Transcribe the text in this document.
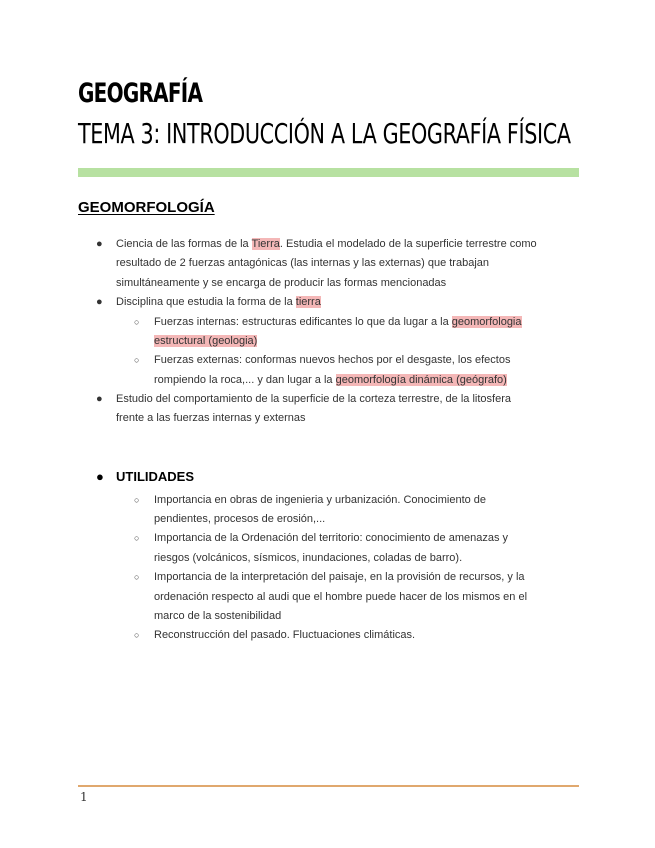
GEOGRAFÍA
TEMA 3: INTRODUCCIÓN A LA GEOGRAFÍA FÍSICA
GEOMORFOLOGÍA
● Ciencia de las formas de la Tierra. Estudia el modelado de la superficie terrestre como
resultado de 2 fuerzas antagónicas (las internas y las externas) que trabajan
simultáneamente y se encarga de producir las formas mencionadas
● Disciplina que estudia la forma de la tierra
○ Fuerzas internas: estructuras edificantes lo que da lugar a la geomorfologia
estructural (geologia)
○ Fuerzas externas: conformas nuevos hechos por el desgaste, los efectos
rompiendo la roca,... y dan lugar a la geomorfología dinámica (geógrafo)
● Estudio del comportamiento de la superficie de la corteza terrestre, de la litosfera
frente a las fuerzas internas y externas
● UTILIDADES
○ Importancia en obras de ingenieria y urbanización. Conocimiento de
pendientes, procesos de erosión,...
○ Importancia de la Ordenación del territorio: conocimiento de amenazas y
riesgos (volcánicos, sísmicos, inundaciones, coladas de barro).
○ Importancia de la interpretación del paisaje, en la provisión de recursos, y la
ordenación respecto al audi que el hombre puede hacer de los mismos en el
marco de la sostenibilidad
○ Reconstrucción del pasado. Fluctuaciones climáticas.
1
